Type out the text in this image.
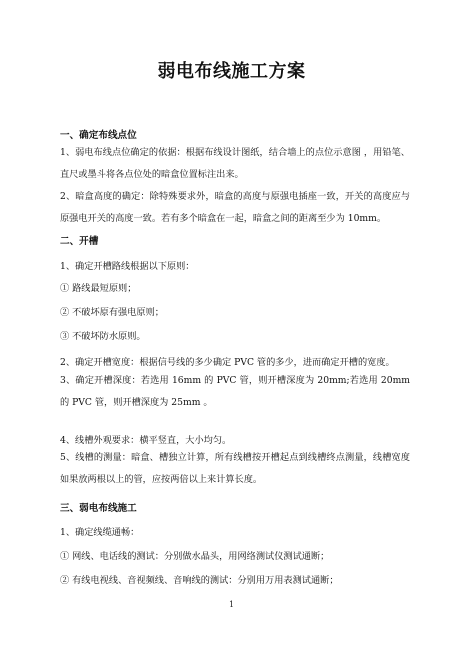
弱电布线施工方案
一、确定布线点位
1、弱电布线点位确定的依据：根据布线设计图纸，结合墙上的点位示意图 ，用铅笔、直尺或墨斗将各点位处的暗盒位置标注出来。
2、暗盒高度的确定：除特殊要求外，暗盒的高度与原强电插座一致，开关的高度应与原强电开关的高度一致。若有多个暗盒在一起，暗盒之间的距离至少为 10mm。
二、开槽
1、确定开槽路线根据以下原则：
① 路线最短原则；
② 不破坏原有强电原则；
③ 不破坏防水原则。
2、确定开槽宽度：根据信号线的多少确定 PVC 管的多少，进而确定开槽的宽度。
3、确定开槽深度：若选用 16mm 的 PVC 管，则开槽深度为 20mm;若选用 20mm 的 PVC 管，则开槽深度为 25mm 。
4、线槽外观要求：横平竖直，大小均匀。
5、线槽的测量：暗盒、槽独立计算，所有线槽按开槽起点到线槽终点测量，线槽宽度如果放两根以上的管，应按两倍以上来计算长度。
三、弱电布线施工
1、确定线缆通畅：
① 网线、电话线的测试：分别做水晶头，用网络测试仪测试通断；
② 有线电视线、音视频线、音响线的测试：分别用万用表测试通断；
1
